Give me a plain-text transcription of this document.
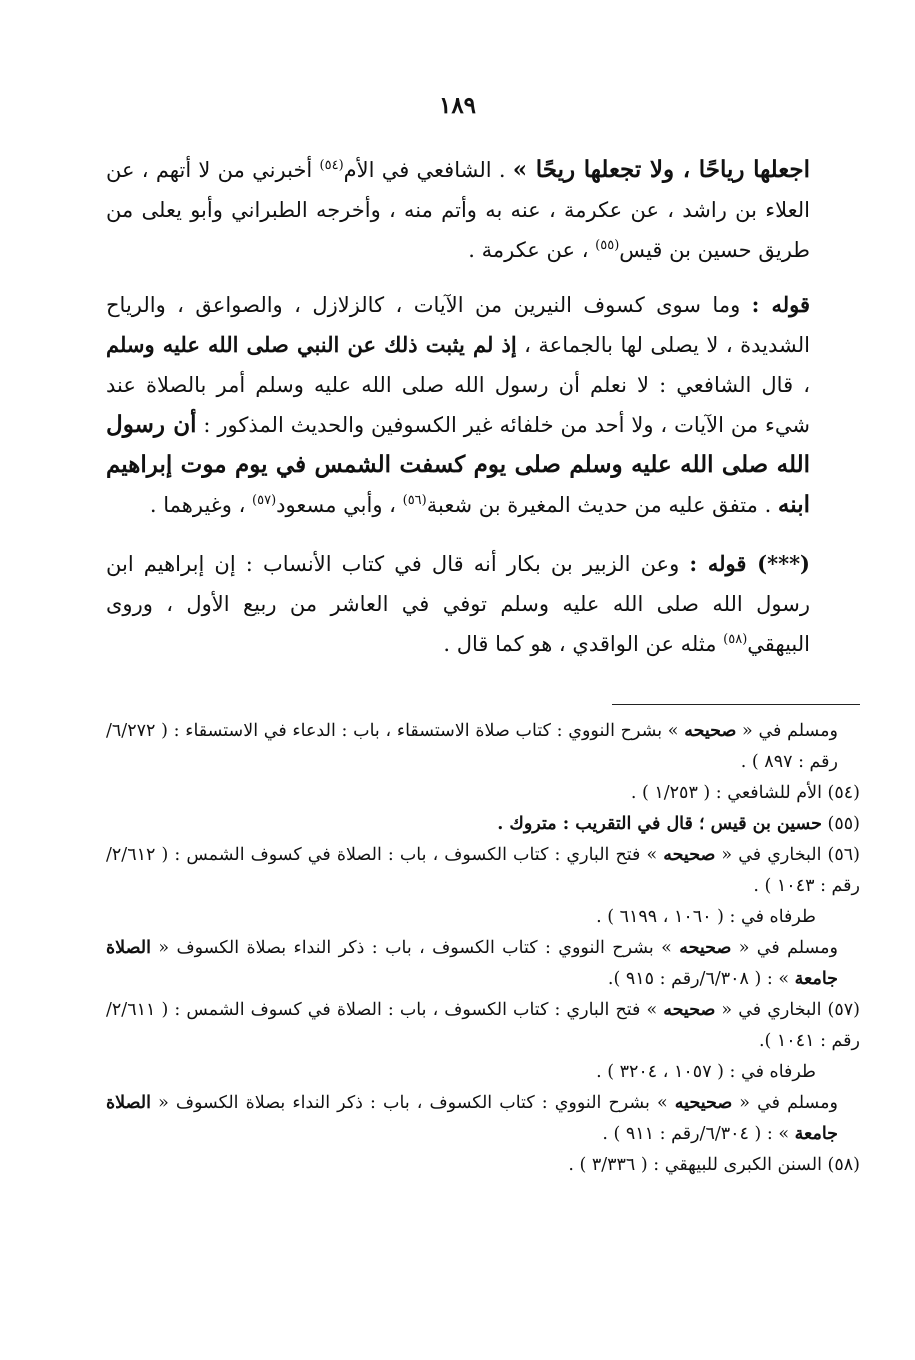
١٨٩

اجعلها رياحًا ، ولا تجعلها ريحًا » . الشافعي في الأم$^{(٥٤)}$ أخبرني من لا أتهم ، عن العلاء بن راشد ، عن عكرمة ، عنه به وأتم منه ، وأخرجه الطبراني وأبو يعلى من طريق حسين بن قيس$^{(٥٥)}$ ، عن عكرمة .

قوله : وما سوى كسوف النيرين من الآيات ، كالزلازل ، والصواعق ، والرياح الشديدة ، لا يصلى لها بالجماعة ، إذ لم يثبت ذلك عن النبي صلى الله عليه وسلم ، قال الشافعي : لا نعلم أن رسول الله صلى الله عليه وسلم أمر بالصلاة عند شيء من الآيات ، ولا أحد من خلفائه غير الكسوفين والحديث المذكور : أن رسول الله صلى الله عليه وسلم صلى يوم كسفت الشمس في يوم موت إبراهيم ابنه . متفق عليه من حديث المغيرة بن شعبة$^{(٥٦)}$ ، وأبي مسعود$^{(٥٧)}$ ، وغيرهما .

(***) قوله : وعن الزبير بن بكار أنه قال في كتاب الأنساب : إن إبراهيم ابن رسول الله صلى الله عليه وسلم توفي في العاشر من ربيع الأول ، وروى البيهقي$^{(٥٨)}$ مثله عن الواقدي ، هو كما قال .

ومسلم في « صحيحه » بشرح النووي : كتاب صلاة الاستسقاء ، باب : الدعاء في الاستسقاء : ( ٦/٢٧٢/رقم : ٨٩٧ ) .

(٥٤) الأم للشافعي : ( ١/٢٥٣ ) .

(٥٥) حسين بن قيس ؛ قال في التقريب : متروك .

(٥٦) البخاري في « صحيحه » فتح الباري : كتاب الكسوف ، باب : الصلاة في كسوف الشمس : ( ٢/٦١٢/رقم : ١٠٤٣ ) .

طرفاه في : ( ١٠٦٠ ، ٦١٩٩ ) .

ومسلم في « صحيحه » بشرح النووي : كتاب الكسوف ، باب : ذكر النداء بصلاة الكسوف « الصلاة جامعة » : ( ٦/٣٠٨/رقم : ٩١٥ ).

(٥٧) البخاري في « صحيحه » فتح الباري : كتاب الكسوف ، باب : الصلاة في كسوف الشمس : ( ٢/٦١١/رقم : ١٠٤١ ).

طرفاه في : ( ١٠٥٧ ، ٣٢٠٤ ) .

ومسلم في « صحيحيه » بشرح النووي : كتاب الكسوف ، باب : ذكر النداء بصلاة الكسوف « الصلاة جامعة » : ( ٦/٣٠٤/رقم : ٩١١ ) .

(٥٨) السنن الكبرى للبيهقي : ( ٣/٣٣٦ ) .
